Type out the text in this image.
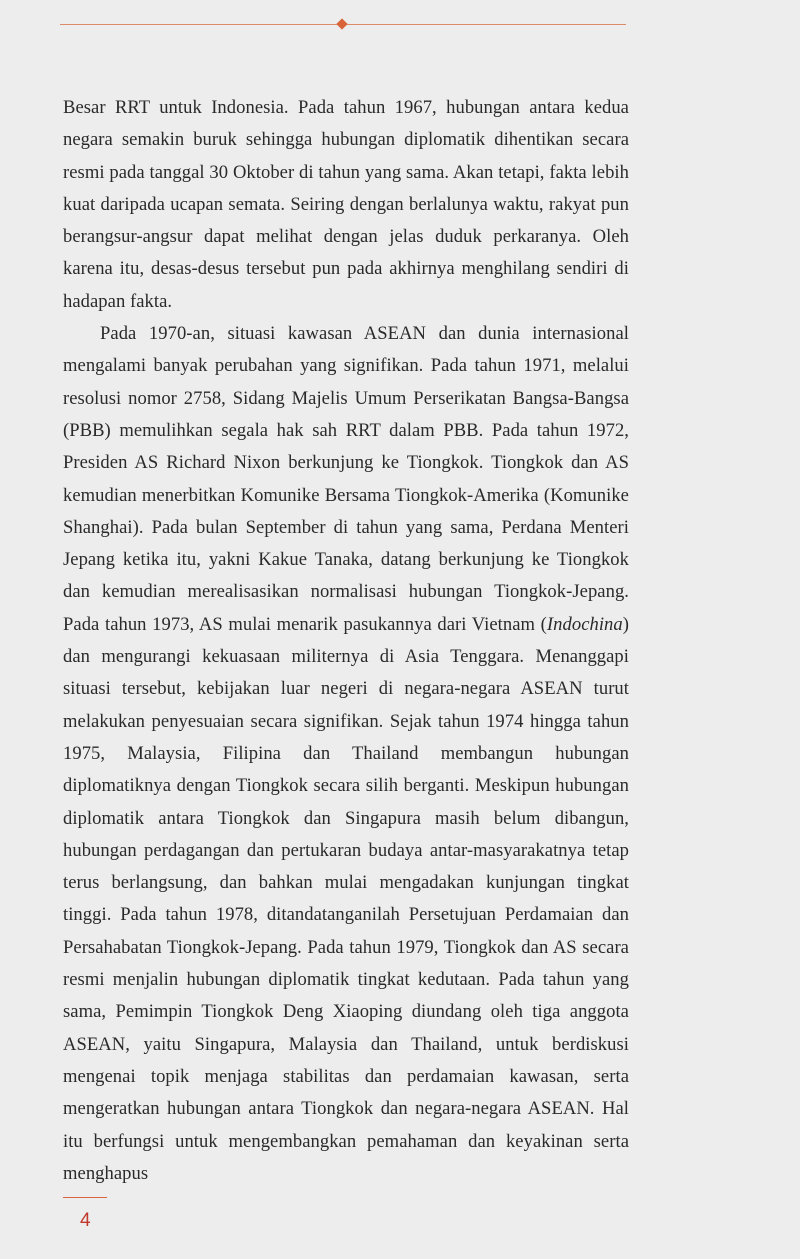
Besar RRT untuk Indonesia. Pada tahun 1967, hubungan antara kedua negara semakin buruk sehingga hubungan diplomatik dihentikan secara resmi pada tanggal 30 Oktober di tahun yang sama. Akan tetapi, fakta lebih kuat daripada ucapan semata. Seiring dengan berlalunya waktu, rakyat pun berangsur-angsur dapat melihat dengan jelas duduk perkaranya. Oleh karena itu, desas-desus tersebut pun pada akhirnya menghilang sendiri di hadapan fakta.

Pada 1970-an, situasi kawasan ASEAN dan dunia internasional mengalami banyak perubahan yang signifikan. Pada tahun 1971, melalui resolusi nomor 2758, Sidang Majelis Umum Perserikatan Bangsa-Bangsa (PBB) memulihkan segala hak sah RRT dalam PBB. Pada tahun 1972, Presiden AS Richard Nixon berkunjung ke Tiongkok. Tiongkok dan AS kemudian menerbitkan Komunike Bersama Tiongkok-Amerika (Komunike Shanghai). Pada bulan September di tahun yang sama, Perdana Menteri Jepang ketika itu, yakni Kakue Tanaka, datang berkunjung ke Tiongkok dan kemudian merealisasikan normalisasi hubungan Tiongkok-Jepang. Pada tahun 1973, AS mulai menarik pasukannya dari Vietnam (Indochina) dan mengurangi kekuasaan militernya di Asia Tenggara. Menanggapi situasi tersebut, kebijakan luar negeri di negara-negara ASEAN turut melakukan penyesuaian secara signifikan. Sejak tahun 1974 hingga tahun 1975, Malaysia, Filipina dan Thailand membangun hubungan diplomatiknya dengan Tiongkok secara silih berganti. Meskipun hubungan diplomatik antara Tiongkok dan Singapura masih belum dibangun, hubungan perdagangan dan pertukaran budaya antar-masyarakatnya tetap terus berlangsung, dan bahkan mulai mengadakan kunjungan tingkat tinggi. Pada tahun 1978, ditandatanganilah Persetujuan Perdamaian dan Persahabatan Tiongkok-Jepang. Pada tahun 1979, Tiongkok dan AS secara resmi menjalin hubungan diplomatik tingkat kedutaan. Pada tahun yang sama, Pemimpin Tiongkok Deng Xiaoping diundang oleh tiga anggota ASEAN, yaitu Singapura, Malaysia dan Thailand, untuk berdiskusi mengenai topik menjaga stabilitas dan perdamaian kawasan, serta mengeratkan hubungan antara Tiongkok dan negara-negara ASEAN. Hal itu berfungsi untuk mengembangkan pemahaman dan keyakinan serta menghapus

4
